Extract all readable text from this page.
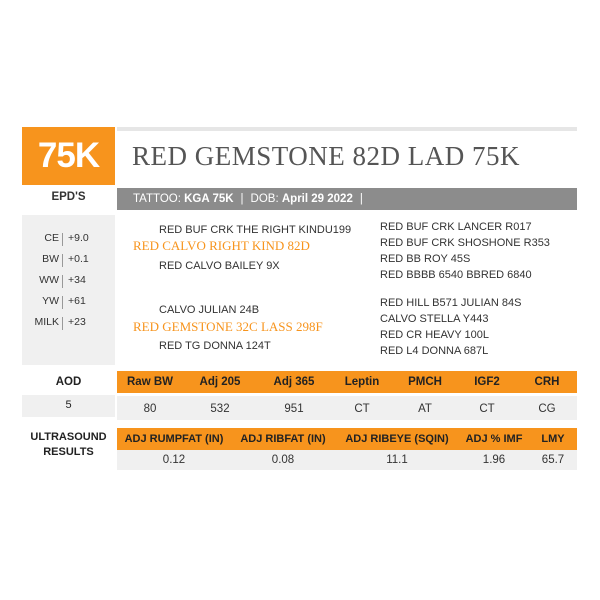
75K	RED GEMSTONE 82D LAD 75K
EPD'S	TATTOO:
KGA 75K | DOB:
April 29 2022 |
CE +9.0
BW +0.1
WW +34
YW +61
MILK +23
RED BUF CRK THE RIGHT KINDU199
RED CALVO RIGHT KIND 82D
RED CALVO BAILEY 9X
RED BUF CRK LANCER R017
RED BUF CRK SHOSHONE R353
RED BB ROY 45S
RED BBBB 6540 BBRED 6840
CALVO JULIAN 24B
RED GEMSTONE 32C LASS 298F
RED TG DONNA 124T
RED HILL B571 JULIAN 84S
CALVO STELLA Y443
RED CR HEAVY 100L
RED L4 DONNA 687L
AOD
5
Raw BW	Adj 205	Adj 365	Leptin	PMCH	IGF2	CRH
80	532	951	CT	AT	CT	CG
ULTRASOUND
RESULTS
ADJ RUMPFAT (IN)	ADJ RIBFAT (IN)	ADJ RIBEYE (SQIN)	ADJ % IMF	LMY
0.12	0.08	11.1	1.96	65.7
